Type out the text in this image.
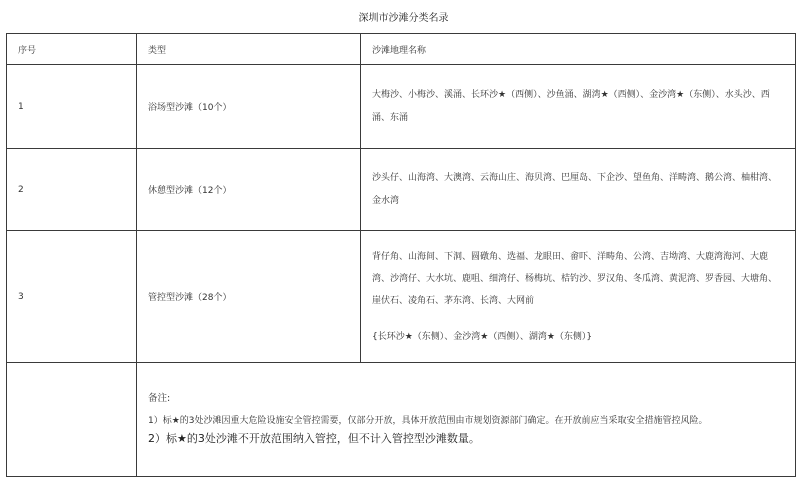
深圳市沙滩分类名录
序号	类型	沙滩地理名称
1	浴场型沙滩（10个）	大梅沙、小梅沙、溪涌、长环沙★（西侧）、沙鱼涌、湖湾★（西侧）、金沙湾★（东侧）、水头沙、西涌、东涌
2	休憩型沙滩（12个）	沙头仔、山海湾、大澳湾、云海山庄、海贝湾、巴厘岛、下企沙、望鱼角、洋畴湾、鹅公湾、柚柑湾、金水湾
3	管控型沙滩（28个）	背仔角、山海间、下洞、圆礅角、选福、龙眼田、畲吓、洋畴角、公湾、吉坳湾、大鹿湾海河、大鹿湾、沙湾仔、大水坑、鹿咀、细湾仔、杨梅坑、桔钓沙、罗汉角、冬瓜湾、黄泥湾、罗香园、大塘角、崖伏石、凌角石、茅东湾、长湾、大网前
{长环沙★（东侧）、金沙湾★（西侧）、湖湾★（东侧）}

	备注:
1）标★的3处沙滩因重大危险设施安全管控需要，仅部分开放，具体开放范围由市规划资源部门确定。在开放前应当采取安全措施管控风险。
2）标★的3处沙滩不开放范围纳入管控，但不计入管控型沙滩数量。	
